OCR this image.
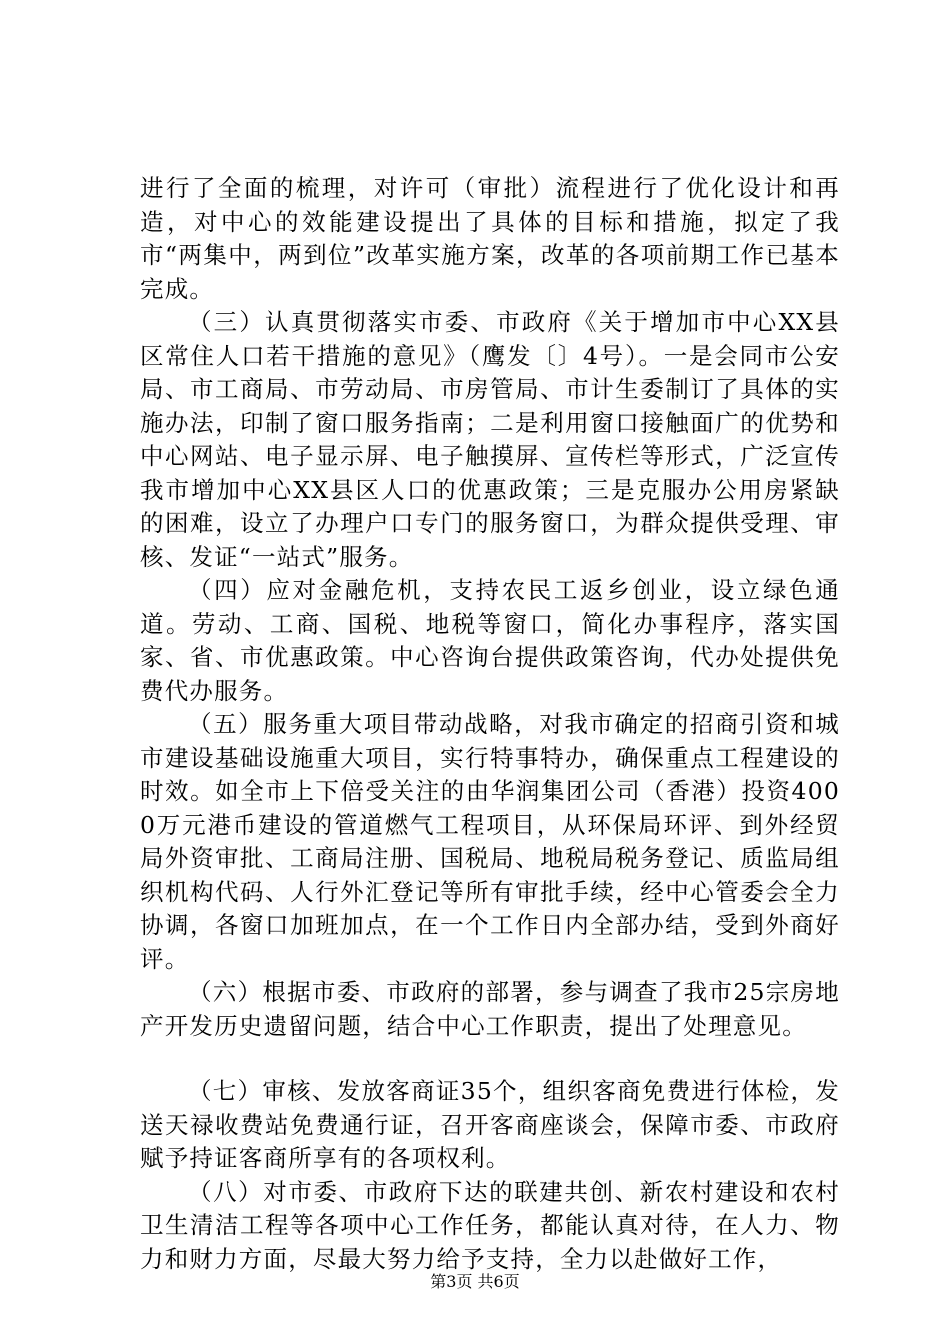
进行了全面的梳理，对许可（审批）流程进行了优化设计和再造，对中心的效能建设提出了具体的目标和措施，拟定了我市“两集中，两到位”改革实施方案，改革的各项前期工作已基本完成。

（三）认真贯彻落实市委、市政府《关于增加市中心XX县区常住人口若干措施的意见》（鹰发〔〕4号）。一是会同市公安局、市工商局、市劳动局、市房管局、市计生委制订了具体的实施办法，印制了窗口服务指南；二是利用窗口接触面广的优势和中心网站、电子显示屏、电子触摸屏、宣传栏等形式，广泛宣传我市增加中心XX县区人口的优惠政策；三是克服办公用房紧缺的困难，设立了办理户口专门的服务窗口，为群众提供受理、审核、发证“一站式”服务。

（四）应对金融危机，支持农民工返乡创业，设立绿色通道。劳动、工商、国税、地税等窗口，简化办事程序，落实国家、省、市优惠政策。中心咨询台提供政策咨询，代办处提供免费代办服务。

（五）服务重大项目带动战略，对我市确定的招商引资和城市建设基础设施重大项目，实行特事特办，确保重点工程建设的时效。如全市上下倍受关注的由华润集团公司（香港）投资4000万元港币建设的管道燃气工程项目，从环保局环评、到外经贸局外资审批、工商局注册、国税局、地税局税务登记、质监局组织机构代码、人行外汇登记等所有审批手续，经中心管委会全力协调，各窗口加班加点，在一个工作日内全部办结，受到外商好评。

（六）根据市委、市政府的部署，参与调查了我市25宗房地产开发历史遗留问题，结合中心工作职责，提出了处理意见。

（七）审核、发放客商证35个，组织客商免费进行体检，发送天禄收费站免费通行证，召开客商座谈会，保障市委、市政府赋予持证客商所享有的各项权利。

（八）对市委、市政府下达的联建共创、新农村建设和农村卫生清洁工程等各项中心工作任务，都能认真对待，在人力、物力和财力方面，尽最大努力给予支持，全力以赴做好工作，

第3页 共6页
